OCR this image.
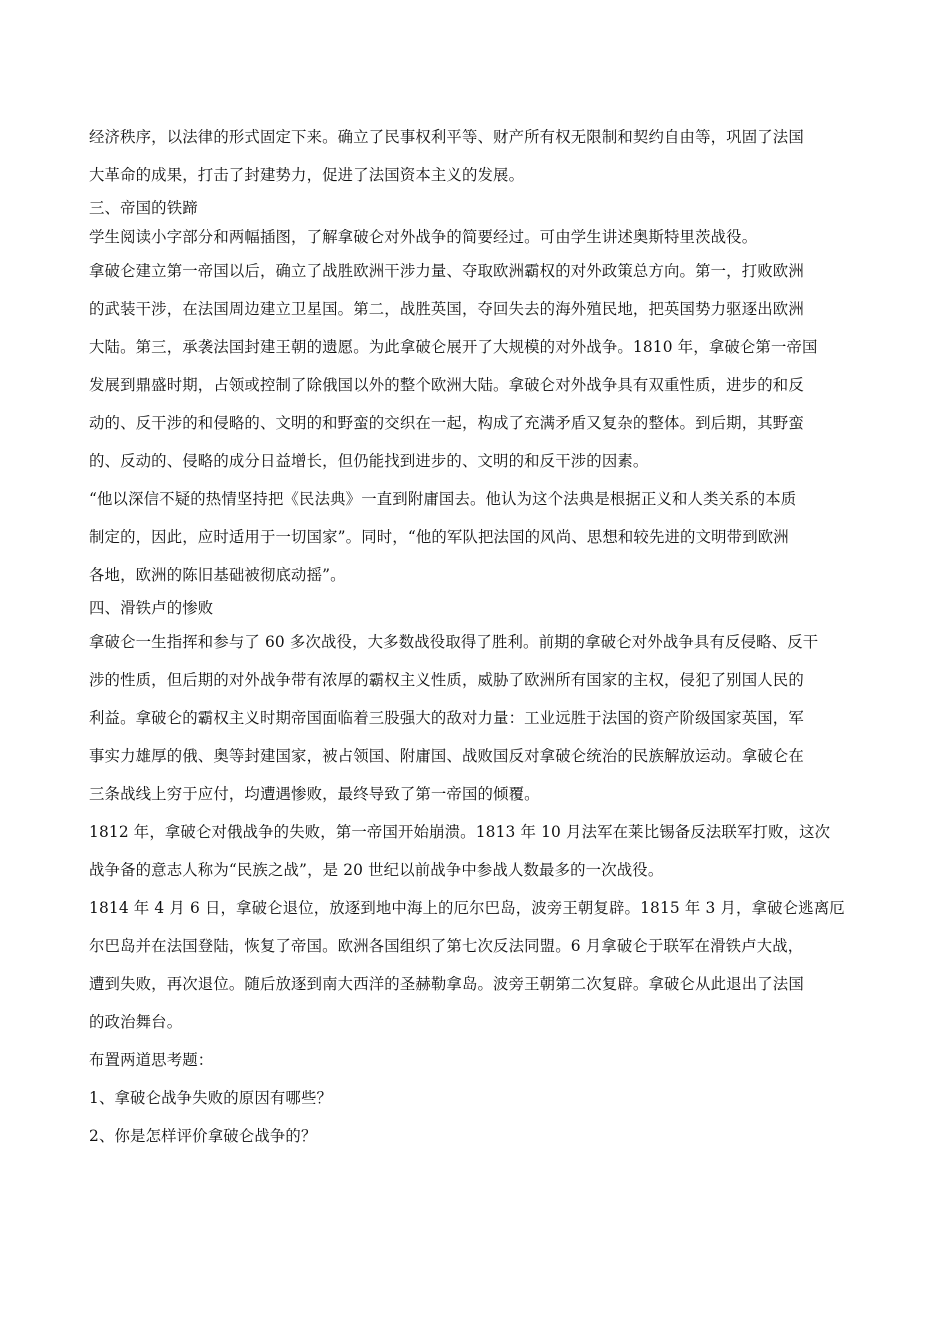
经济秩序，以法律的形式固定下来。确立了民事权利平等、财产所有权无限制和契约自由等，巩固了法国
大革命的成果，打击了封建势力，促进了法国资本主义的发展。
三、帝国的铁蹄
学生阅读小字部分和两幅插图，了解拿破仑对外战争的简要经过。可由学生讲述奥斯特里茨战役。
拿破仑建立第一帝国以后，确立了战胜欧洲干涉力量、夺取欧洲霸权的对外政策总方向。第一，打败欧洲
的武装干涉，在法国周边建立卫星国。第二，战胜英国，夺回失去的海外殖民地，把英国势力驱逐出欧洲
大陆。第三，承袭法国封建王朝的遗愿。为此拿破仑展开了大规模的对外战争。1810 年，拿破仑第一帝国
发展到鼎盛时期，占领或控制了除俄国以外的整个欧洲大陆。拿破仑对外战争具有双重性质，进步的和反
动的、反干涉的和侵略的、文明的和野蛮的交织在一起，构成了充满矛盾又复杂的整体。到后期，其野蛮
的、反动的、侵略的成分日益增长，但仍能找到进步的、文明的和反干涉的因素。
“他以深信不疑的热情坚持把《民法典》一直到附庸国去。他认为这个法典是根据正义和人类关系的本质
制定的，因此，应时适用于一切国家”。同时，“他的军队把法国的风尚、思想和较先进的文明带到欧洲
各地，欧洲的陈旧基础被彻底动摇”。
四、滑铁卢的惨败
拿破仑一生指挥和参与了 60 多次战役，大多数战役取得了胜利。前期的拿破仑对外战争具有反侵略、反干
涉的性质，但后期的对外战争带有浓厚的霸权主义性质，威胁了欧洲所有国家的主权，侵犯了别国人民的
利益。拿破仑的霸权主义时期帝国面临着三股强大的敌对力量：工业远胜于法国的资产阶级国家英国，军
事实力雄厚的俄、奥等封建国家，被占领国、附庸国、战败国反对拿破仑统治的民族解放运动。拿破仑在
三条战线上穷于应付，均遭遇惨败，最终导致了第一帝国的倾覆。
1812 年，拿破仑对俄战争的失败，第一帝国开始崩溃。1813 年 10 月法军在莱比锡备反法联军打败，这次
战争备的意志人称为“民族之战”，是 20 世纪以前战争中参战人数最多的一次战役。
1814 年 4 月 6 日，拿破仑退位，放逐到地中海上的厄尔巴岛，波旁王朝复辟。1815 年 3 月，拿破仑逃离厄
尔巴岛并在法国登陆，恢复了帝国。欧洲各国组织了第七次反法同盟。6 月拿破仑于联军在滑铁卢大战，
遭到失败，再次退位。随后放逐到南大西洋的圣赫勒拿岛。波旁王朝第二次复辟。拿破仑从此退出了法国
的政治舞台。
布置两道思考题：
1、拿破仑战争失败的原因有哪些？
2、你是怎样评价拿破仑战争的？
